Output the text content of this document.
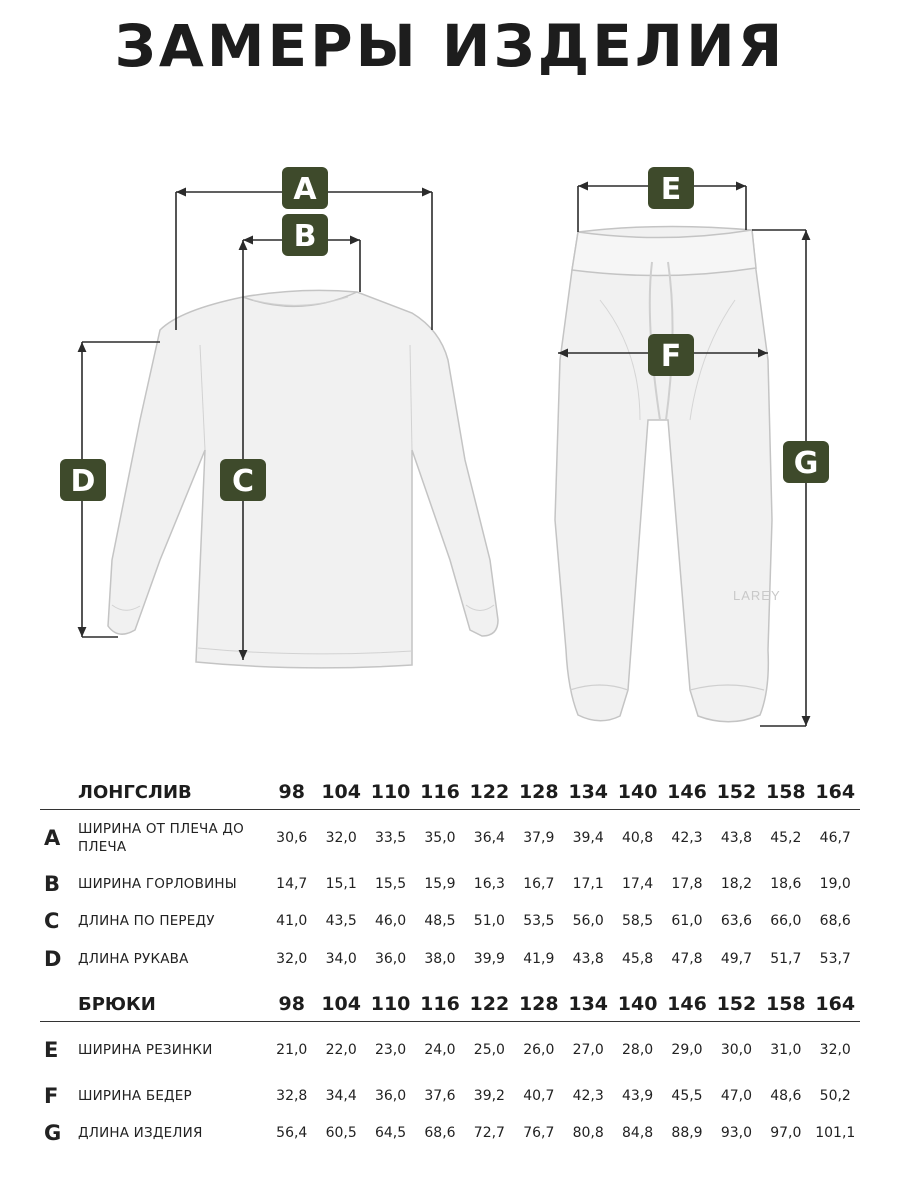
ЗАМЕРЫ ИЗДЕЛИЯ
LAREY
A
B
C
D
E
F
G
	ЛОНГСЛИВ	98	104	110	116	122	128	134	140	146	152	158	164
A	ШИРИНА ОТ ПЛЕЧА ДО ПЛЕЧА	30,6	32,0	33,5	35,0	36,4	37,9	39,4	40,8	42,3	43,8	45,2	46,7
B	ШИРИНА ГОРЛОВИНЫ	14,7	15,1	15,5	15,9	16,3	16,7	17,1	17,4	17,8	18,2	18,6	19,0
C	ДЛИНА ПО ПЕРЕДУ	41,0	43,5	46,0	48,5	51,0	53,5	56,0	58,5	61,0	63,6	66,0	68,6
D	ДЛИНА РУКАВА	32,0	34,0	36,0	38,0	39,9	41,9	43,8	45,8	47,8	49,7	51,7	53,7
	БРЮКИ	98	104	110	116	122	128	134	140	146	152	158	164
E	ШИРИНА РЕЗИНКИ	21,0	22,0	23,0	24,0	25,0	26,0	27,0	28,0	29,0	30,0	31,0	32,0
F	ШИРИНА БЕДЕР	32,8	34,4	36,0	37,6	39,2	40,7	42,3	43,9	45,5	47,0	48,6	50,2
G	ДЛИНА ИЗДЕЛИЯ	56,4	60,5	64,5	68,6	72,7	76,7	80,8	84,8	88,9	93,0	97,0	101,1
